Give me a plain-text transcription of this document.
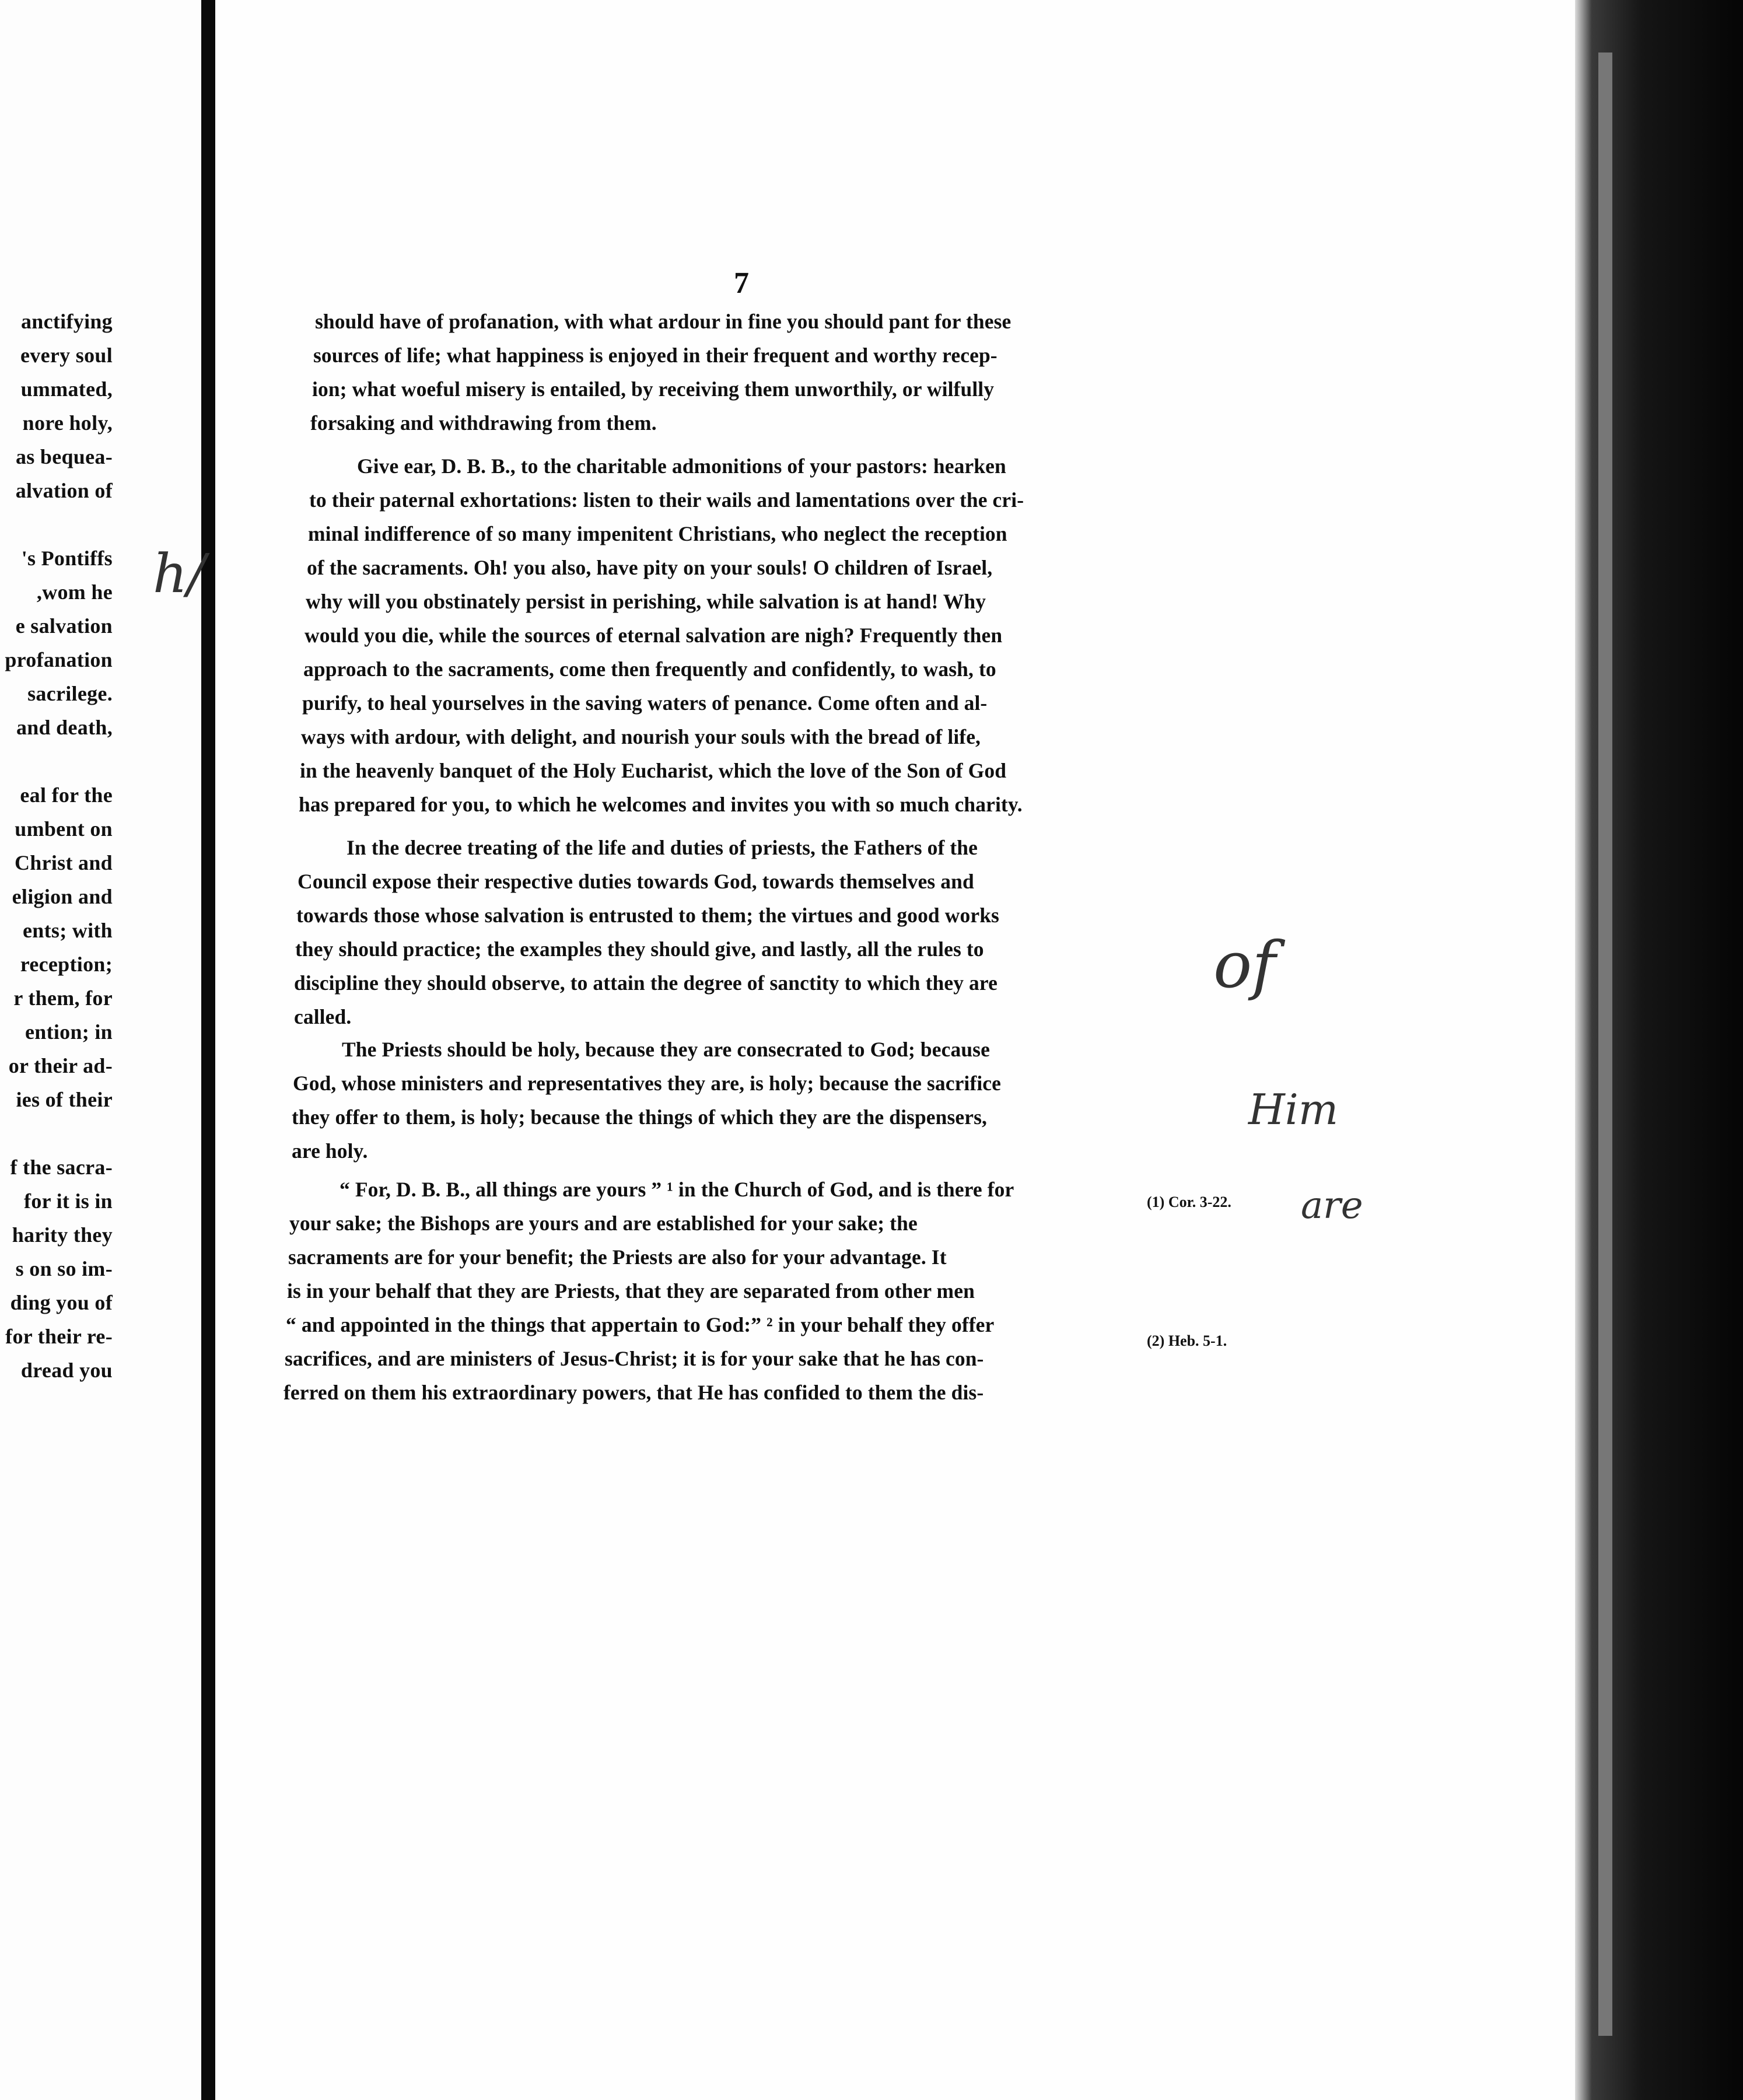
anctifying
every soul
ummated,
nore holy,
as bequea-
alvation of
's Pontiffs
,wom he
e salvation
profanation
sacrilege.
and death,
eal for the
umbent on
Christ and
eligion and
ents; with
reception;
r them, for
ention; in
or their ad-
ies of their
f the sacra-
for it is in
harity they
s on so im-
ding you of
for their re-
dread you
7
should have of profanation, with what ardour in fine you should pant for these
sources of life; what happiness is enjoyed in their frequent and worthy recep-
ion; what woeful misery is entailed, by receiving them unworthily, or wilfully
forsaking and withdrawing from them.
Give ear, D. B. B., to the charitable admonitions of your pastors: hearken
to their paternal exhortations: listen to their wails and lamentations over the cri-
minal indifference of so many impenitent Christians, who neglect the reception
of the sacraments. Oh! you also, have pity on your souls! O children of Israel,
why will you obstinately persist in perishing, while salvation is at hand! Why
would you die, while the sources of eternal salvation are nigh? Frequently then
approach to the sacraments, come then frequently and confidently, to wash, to
purify, to heal yourselves in the saving waters of penance. Come often and al-
ways with ardour, with delight, and nourish your souls with the bread of life,
in the heavenly banquet of the Holy Eucharist, which the love of the Son of God
has prepared for you, to which he welcomes and invites you with so much charity.
In the decree treating of the life and duties of priests, the Fathers of the
Council expose their respective duties towards God, towards themselves and
towards those whose salvation is entrusted to them; the virtues and good works
they should practice; the examples they should give, and lastly, all the rules to
discipline they should observe, to attain the degree of sanctity to which they are
called.
The Priests should be holy, because they are consecrated to God; because
God, whose ministers and representatives they are, is holy; because the sacrifice
they offer to them, is holy; because the things of which they are the dispensers,
are holy.
“ For, D. B. B., all things are yours ” ¹ in the Church of God, and is there for
your sake; the Bishops are yours and are established for your sake; the
sacraments are for your benefit; the Priests are also for your advantage. It
is in your behalf that they are Priests, that they are separated from other men
“ and appointed in the things that appertain to God:” ² in your behalf they offer
sacrifices, and are ministers of Jesus-Christ; it is for your sake that he has con-
ferred on them his extraordinary powers, that He has confided to them the dis-
(1) Cor. 3-22.
(2) Heb. 5-1.
h/
of
Him
are
